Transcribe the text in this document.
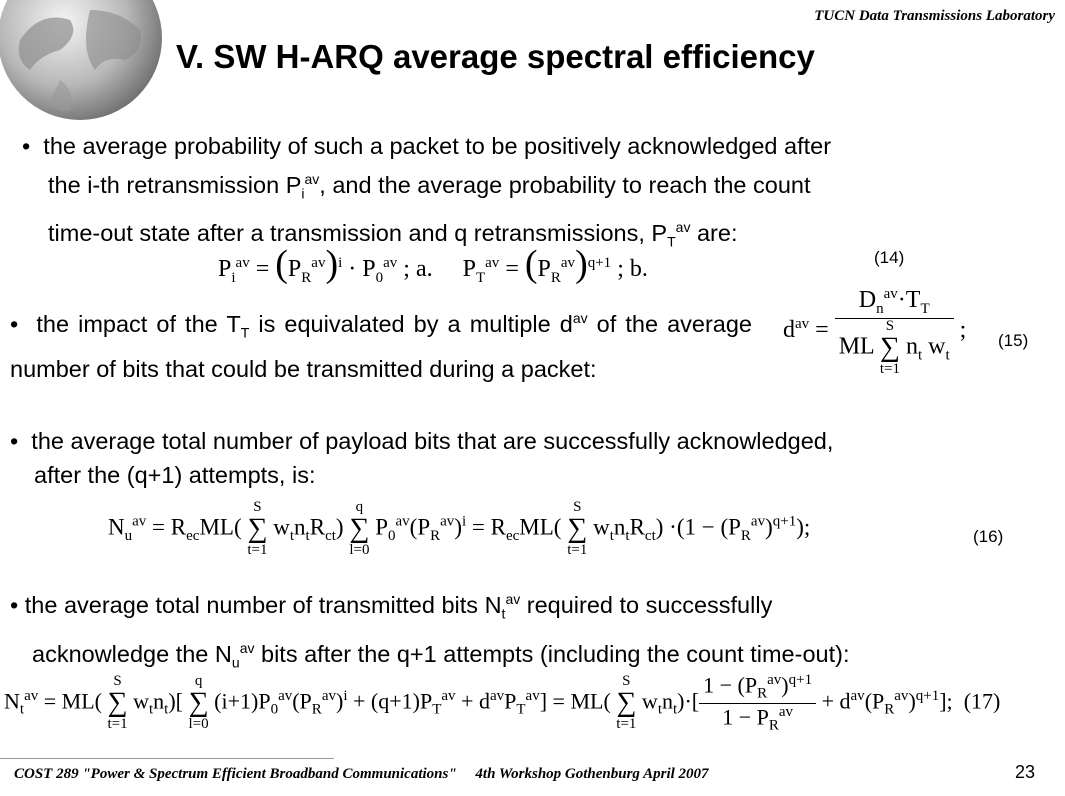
TUCN Data Transmissions Laboratory
V. SW H-ARQ average spectral efficiency
•  the average probability of such a packet to be positively acknowledged after
the i-th retransmission $P_i^{av}$, and the average probability to reach the count
time-out state after a transmission and q retransmissions, $P_T^{av}$ are:
$P_i^{av} = (P_R^{av})^i \cdot P_0^{av}$ ; a.     $P_T^{av} = (P_R^{av})^{q+1}$ ; b.	(14)
•  the impact of the $T_T$ is equivalated by a multiple $d^{av}$ of the average number of bits that could be transmitted during a packet:
$d^{av} = D_n^{av}\cdot T_T$
ML
S
∑
t=1
$n_t$ $w_t$ ; (15)
•  the average total number of payload bits that are successfully acknowledged,
after the (q+1) attempts, is:
$N_u^{av} = R_{ec}ML$(
S
∑
t=1
$w_tn_tR_{ct}$)
q
∑
l=0
$P_0^{av}(P_R^{av})^i = R_{ec}ML$(
S
∑
t=1
$w_tn_tR_{ct}) \cdot(1 - (P_R^{av})^{q+1})$;	(16)
• the average total number of transmitted bits $N_t^{av}$ required to successfully
acknowledge the $N_u^{av}$ bits after the q+1 attempts (including the count time-out):
$N_t^{av} = ML$(
S
∑
t=1
$w_tn_t$)[
q
∑
l=0
$(i+1)P_0^{av}(P_R^{av})^i + (q+1)P_T^{av} + d^{av}P_T^{av}] = ML$(
S
∑
t=1
$w_tn_t)\cdot[ \frac{1 - (P_R^{av})^{q+1}}{1 - P_R^{av}} + d^{av}(P_R^{av})^{q+1}]$;  (17)
COST 289 "Power & Spectrum Efficient Broadband Communications"     4th Workshop Gothenburg April 2007	23
